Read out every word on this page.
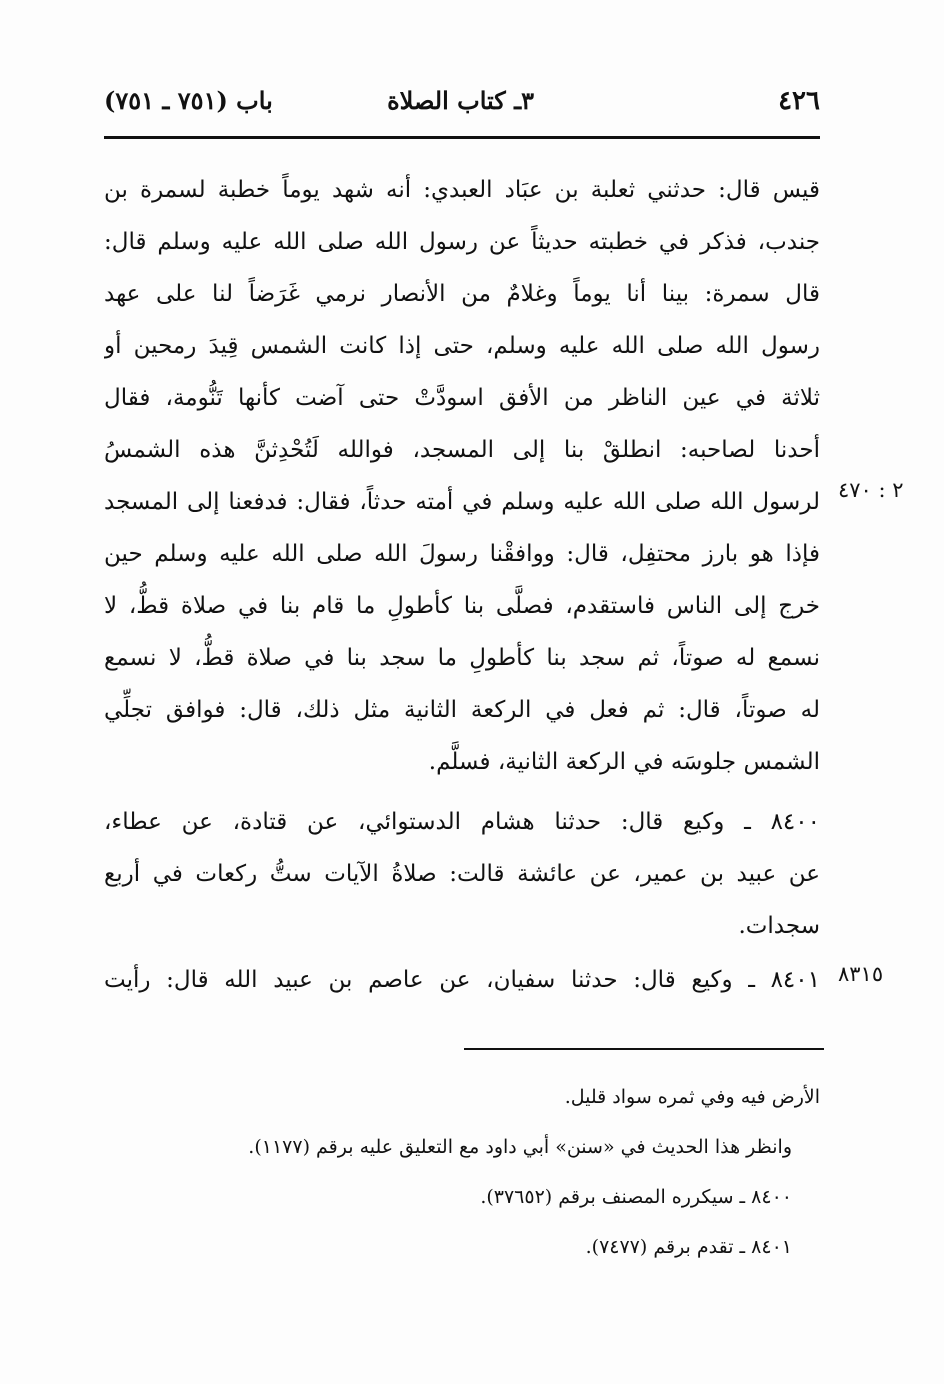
٤٢٦
٣ـ كتاب الصلاة
باب (٧٥١ ـ ٧٥١)
قيس قال: حدثني ثعلبة بن عبَاد العبدي: أنه شهد يوماً خطبة لسمرة بن
جندب، فذكر في خطبته حديثاً عن رسول الله صلى الله عليه وسلم قال:
قال سمرة: بينا أنا يوماً وغلامٌ من الأنصار نرمي غَرَضاً لنا على عهد
رسول الله صلى الله عليه وسلم، حتى إذا كانت الشمس قِيدَ رمحين أو
ثلاثة في عين الناظر من الأفق اسودَّتْ حتى آضت كأنها تَنُّومة، فقال
أحدنا لصاحبه: انطلقْ بنا إلى المسجد، فوالله لَتُحْدِثنَّ هذه الشمسُ
لرسول الله صلى الله عليه وسلم في أمته حدثاً، فقال: فدفعنا إلى المسجد
فإذا هو بارز محتفِل، قال: ووافقْنا رسولَ الله صلى الله عليه وسلم حين
خرج إلى الناس فاستقدم، فصلَّى بنا كأطولِ ما قام بنا في صلاة قطُّ، لا
نسمع له صوتاً، ثم سجد بنا كأطولِ ما سجد بنا في صلاة قطُّ، لا نسمع
له صوتاً، قال: ثم فعل في الركعة الثانية مثل ذلك، قال: فوافق تجلِّي
الشمس جلوسَه في الركعة الثانية، فسلَّم.
٢ : ٤٧٠
٨٤٠٠ ـ وكيع قال: حدثنا هشام الدستوائي، عن قتادة، عن عطاء،
عن عبيد بن عمير، عن عائشة قالت: صلاةُ الآيات ستُّ ركعات في أربع
سجدات.
٨٤٠١ ـ وكيع قال: حدثنا سفيان، عن عاصم بن عبيد الله قال: رأيت ٨٣١٥
الأرض فيه وفي ثمره سواد قليل.
وانظر هذا الحديث في «سنن» أبي داود مع التعليق عليه برقم (١١٧٧).
٨٤٠٠ ـ سيكرره المصنف برقم (٣٧٦٥٢).
٨٤٠١ ـ تقدم برقم (٧٤٧٧).
